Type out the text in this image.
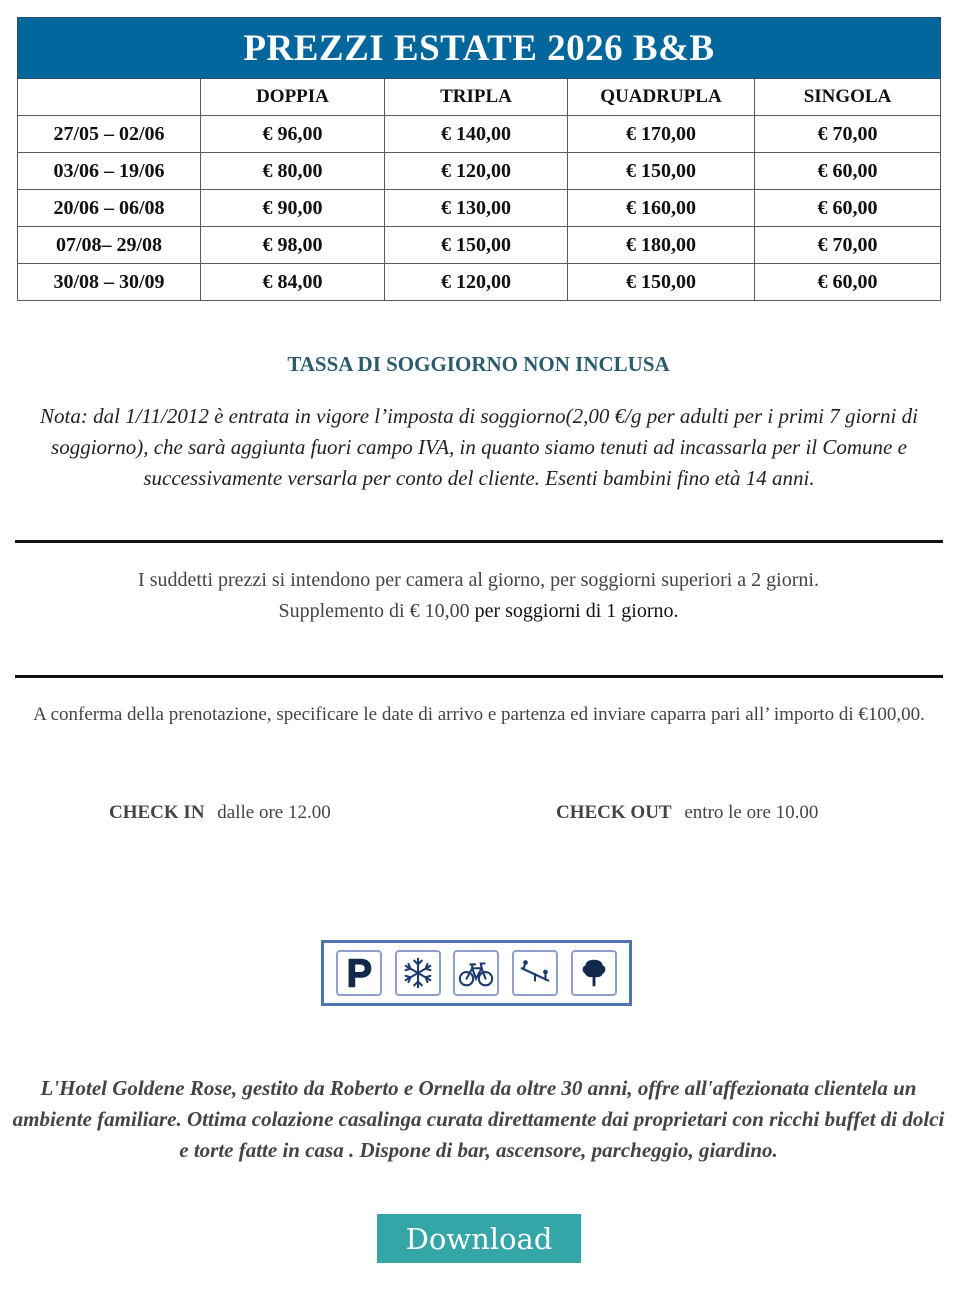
PREZZI ESTATE 2026 B&B				
	DOPPIA	TRIPLA	QUADRUPLA	SINGOLA
27/05 – 02/06	€ 96,00	€ 140,00	€ 170,00	€ 70,00
03/06 – 19/06	€ 80,00	€ 120,00	€ 150,00	€ 60,00
20/06 – 06/08	€ 90,00	€ 130,00	€ 160,00	€ 60,00
07/08– 29/08	€ 98,00	€ 150,00	€ 180,00	€ 70,00
30/08 – 30/09	€ 84,00	€ 120,00	€ 150,00	€ 60,00
TASSA DI SOGGIORNO NON INCLUSA
Nota: dal 1/11/2012 è entrata in vigore l’imposta di soggiorno(2,00 €/g per adulti per i primi 7 giorni di soggiorno), che sarà aggiunta fuori campo IVA, in quanto siamo tenuti ad incassarla per il Comune e successivamente versarla per conto del cliente. Esenti bambini fino età 14 anni.
I suddetti prezzi si intendono per camera al giorno, per soggiorni superiori a 2 giorni.
Supplemento di € 10,00 per soggiorni di 1 giorno.
A conferma della prenotazione, specificare le date di arrivo e partenza ed inviare caparra pari all’ importo di €100,00.
CHECK IN dalle ore 12.00	CHECK OUT entro le ore 10.00
L'Hotel Goldene Rose, gestito da Roberto e Ornella da oltre 30 anni, offre all'affezionata clientela un ambiente familiare. Ottima colazione casalinga curata direttamente dai proprietari con ricchi buffet di dolci e torte fatte in casa . Dispone di bar, ascensore, parcheggio, giardino.
Download
